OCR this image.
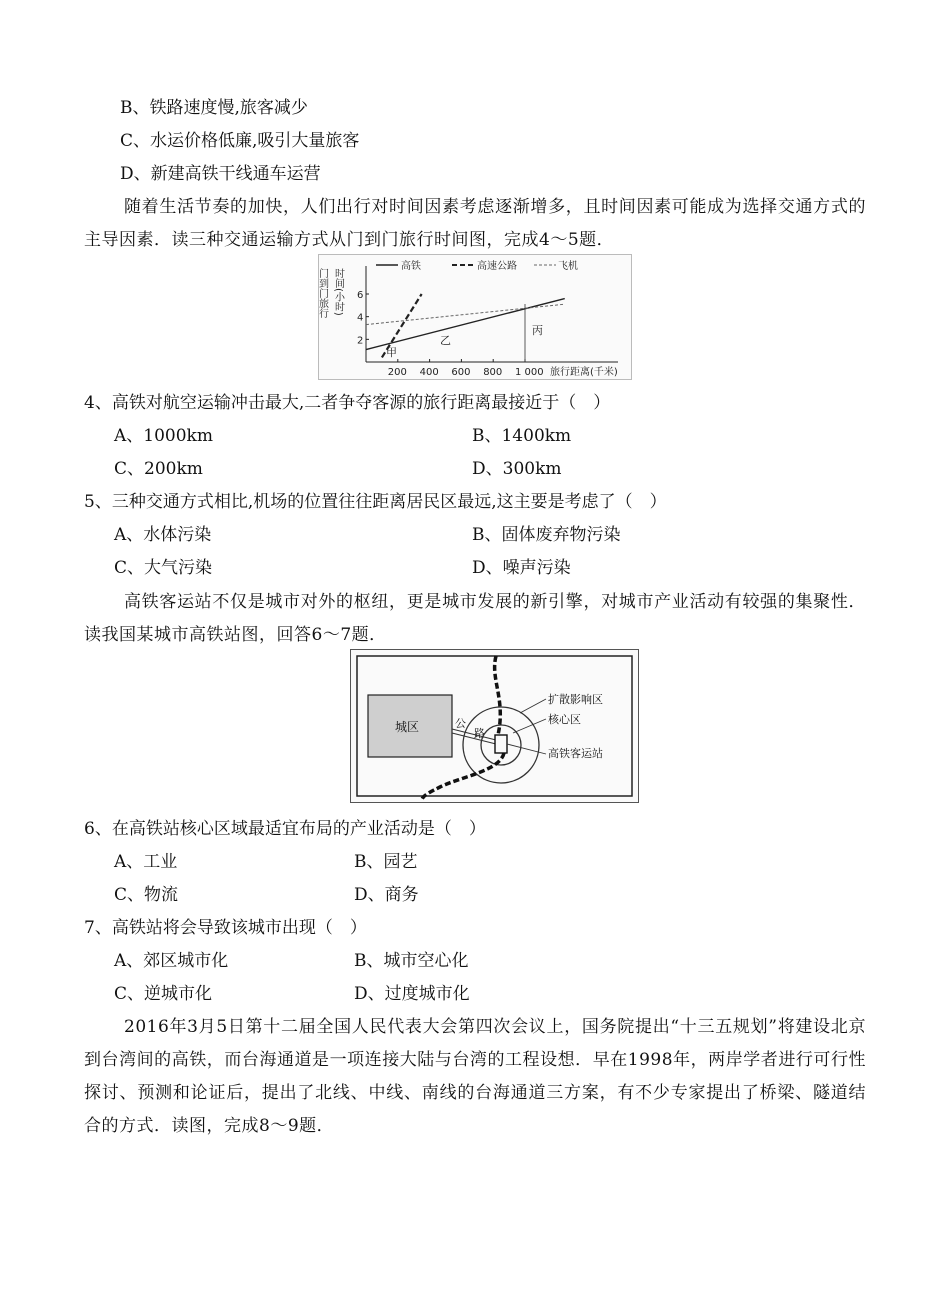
B、铁路速度慢,旅客减少
C、水运价格低廉,吸引大量旅客
D、新建高铁干线通车运营
随着生活节奏的加快，人们出行对时间因素考虑逐渐增多，且时间因素可能成为选择交通方式的主导因素．读三种交通运输方式从门到门旅行时间图，完成4～5题．
门到门旅行 时间(小时)
高铁	高速公路	飞机
200 400 600 800 1 000
2
4
6
甲
乙
丙
旅行距离(千米)
4、高铁对航空运输冲击最大,二者争夺客源的旅行距离最接近于（　）
A、1000km	B、1400km
C、200km	D、300km
5、三种交通方式相比,机场的位置往往距离居民区最远,这主要是考虑了（　）
A、水体污染	B、固体废弃物污染
C、大气污染	D、噪声污染
高铁客运站不仅是城市对外的枢纽，更是城市发展的新引擎，对城市产业活动有较强的集聚性．读我国某城市高铁站图，回答6～7题．
城区	公
路
扩散影响区
核心区
高铁客运站
6、在高铁站核心区域最适宜布局的产业活动是（　）
A、工业	B、园艺
C、物流	D、商务
7、高铁站将会导致该城市出现（　）
A、郊区城市化	B、城市空心化
C、逆城市化	D、过度城市化
2016年3月5日第十二届全国人民代表大会第四次会议上，国务院提出“十三五规划”将建设北京到台湾间的高铁，而台海通道是一项连接大陆与台湾的工程设想．早在1998年，两岸学者进行可行性探讨、预测和论证后，提出了北线、中线、南线的台海通道三方案，有不少专家提出了桥梁、隧道结合的方式．读图，完成8～9题．
